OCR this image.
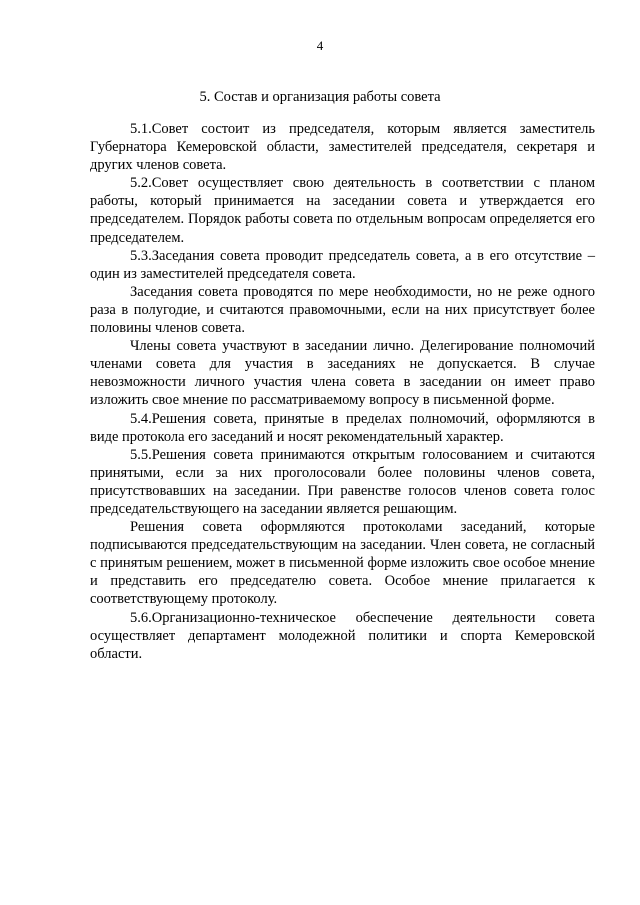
4
5. Состав и организация работы совета

5.1.Совет состоит из председателя, которым является заместитель Губернатора Кемеровской области, заместителей председателя, секретаря и других членов совета.

5.2.Совет осуществляет свою деятельность в соответствии с планом работы, который принимается на заседании совета и утверждается его председателем. Порядок работы совета по отдельным вопросам определяется его председателем.

5.3.Заседания совета проводит председатель совета, а в его отсутствие – один из заместителей председателя совета.

Заседания совета проводятся по мере необходимости, но не реже одного раза в полугодие, и считаются правомочными, если на них присутствует более половины членов совета.

Члены совета участвуют в заседании лично. Делегирование полномочий членами совета для участия в заседаниях не допускается. В случае невозможности личного участия члена совета в заседании он имеет право изложить свое мнение по рассматриваемому вопросу в письменной форме.

5.4.Решения совета, принятые в пределах полномочий, оформляются в виде протокола его заседаний и носят рекомендательный характер.

5.5.Решения совета принимаются открытым голосованием и считаются принятыми, если за них проголосовали более половины членов совета, присутствовавших на заседании. При равенстве голосов членов совета голос председательствующего на заседании является решающим.

Решения совета оформляются протоколами заседаний, которые подписываются председательствующим на заседании. Член совета, не согласный с принятым решением, может в письменной форме изложить свое особое мнение и представить его председателю совета. Особое мнение прилагается к соответствующему протоколу.

5.6.Организационно-техническое обеспечение деятельности совета осуществляет департамент молодежной политики и спорта Кемеровской области.
